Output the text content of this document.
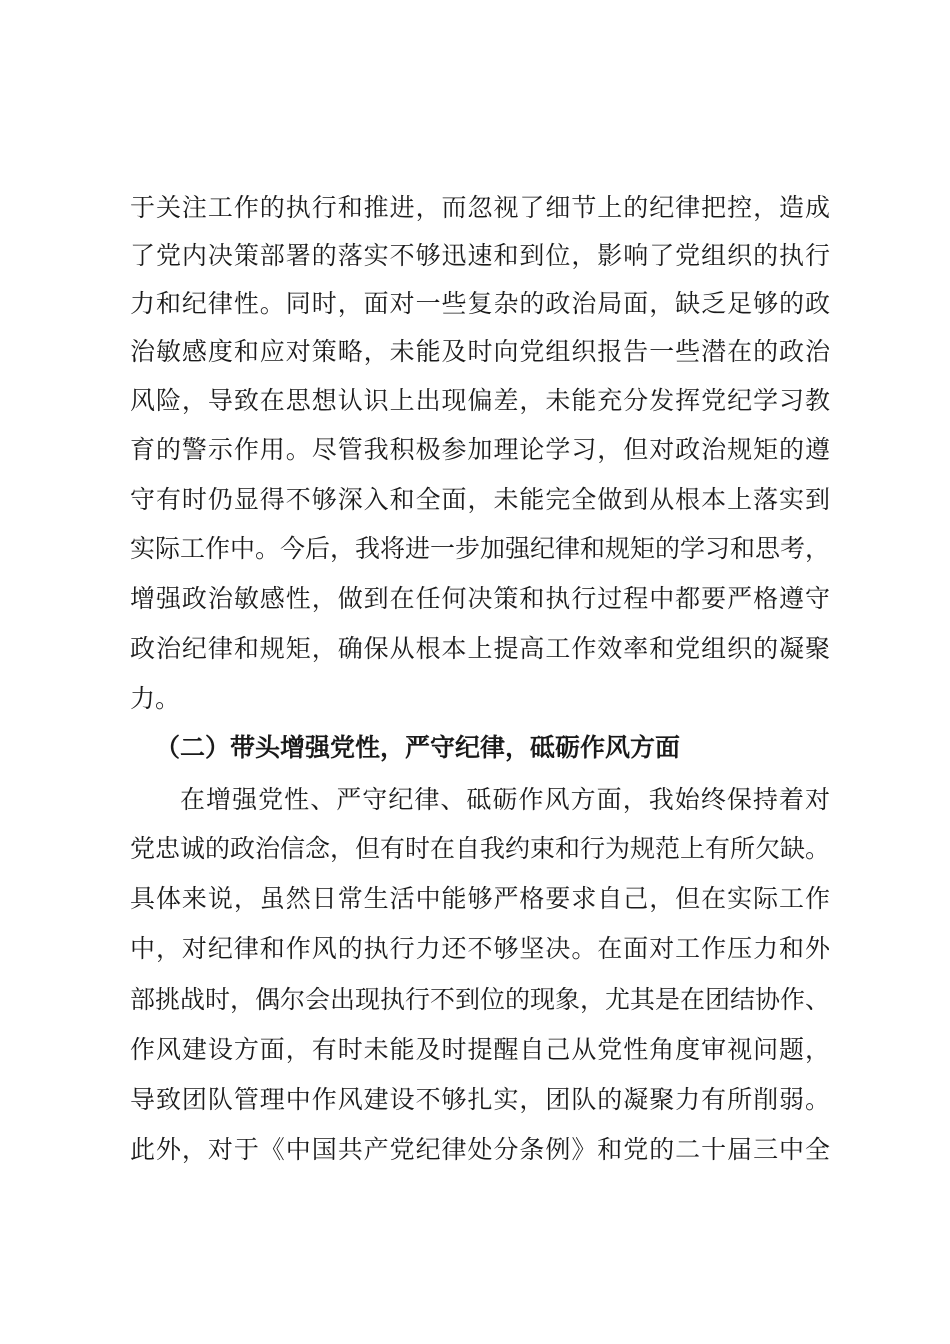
于关注工作的执行和推进，而忽视了细节上的纪律把控，造成
了党内决策部署的落实不够迅速和到位，影响了党组织的执行
力和纪律性。同时，面对一些复杂的政治局面，缺乏足够的政
治敏感度和应对策略，未能及时向党组织报告一些潜在的政治
风险，导致在思想认识上出现偏差，未能充分发挥党纪学习教
育的警示作用。尽管我积极参加理论学习，但对政治规矩的遵
守有时仍显得不够深入和全面，未能完全做到从根本上落实到
实际工作中。今后，我将进一步加强纪律和规矩的学习和思考，
增强政治敏感性，做到在任何决策和执行过程中都要严格遵守
政治纪律和规矩，确保从根本上提高工作效率和党组织的凝聚
力。
（二）带头增强党性，严守纪律，砥砺作风方面
在增强党性、严守纪律、砥砺作风方面，我始终保持着对
党忠诚的政治信念，但有时在自我约束和行为规范上有所欠缺。
具体来说，虽然日常生活中能够严格要求自己，但在实际工作
中，对纪律和作风的执行力还不够坚决。在面对工作压力和外
部挑战时，偶尔会出现执行不到位的现象，尤其是在团结协作、
作风建设方面，有时未能及时提醒自己从党性角度审视问题，
导致团队管理中作风建设不够扎实，团队的凝聚力有所削弱。
此外，对于《中国共产党纪律处分条例》和党的二十届三中全
